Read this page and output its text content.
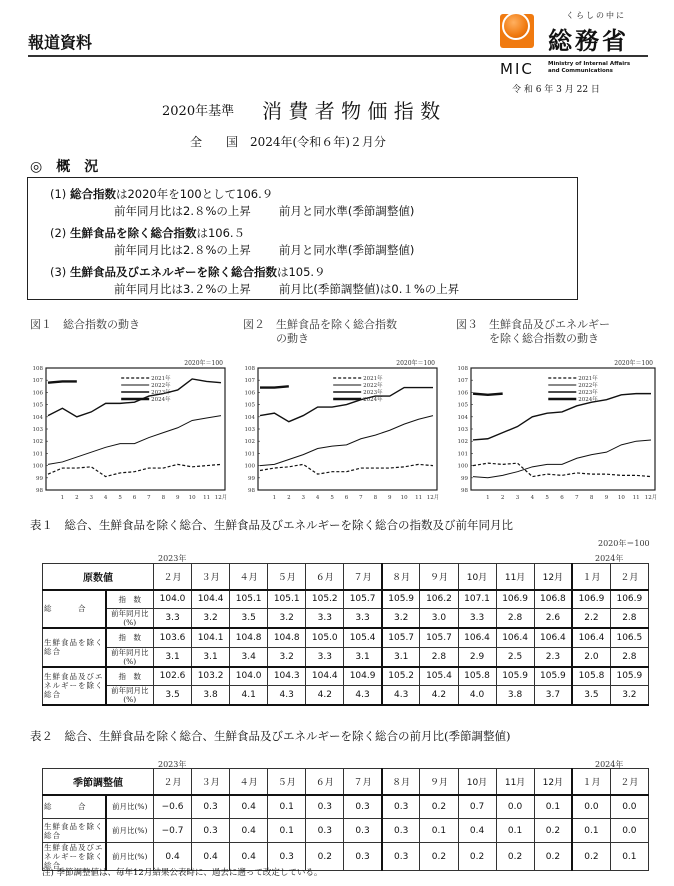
報道資料
くらしの中に
総務省
MIC	Ministry of Internal Affairs
and Communications
令 和 6 年 3 月 22 日
2020年基準 消 費 者 物 価 指 数
全　　国　2024年(令和６年)２月分
◎　概　況
(1) 総合指数は2020年を100として106.９
前年同月比は2.８%の上昇 前月と同水準(季節調整値)
(2) 生鮮食品を除く総合指数は106.５
前年同月比は2.８%の上昇 前月と同水準(季節調整値)
(3) 生鮮食品及びエネルギーを除く総合指数は105.９
前年同月比は3.２%の上昇 前月比(季節調整値)は0.１%の上昇
図１　総合指数の動き	図２　生鮮食品を除く総合指数
　　　の動き
図３　生鮮食品及びエネルギー
　　　を除く総合指数の動き
2020年＝100
98
99
100
101
102
103
104
105
106
107
108
1 2 3 4 5 6 7 8 9 10 11 12月
2021年
2022年
2023年
2024年
2020年＝100
98
99
100
101
102
103
104
105
106
107
108
1 2 3 4 5 6 7 8 9 10 11 12月
2021年
2022年
2023年
2024年
2020年＝100
98
99
100
101
102
103
104
105
106
107
108
1 2 3 4 5 6 7 8 9 10 11 12月
2021年
2022年
2023年
2024年
表１　総合、生鮮食品を除く総合、生鮮食品及びエネルギーを除く総合の指数及び前年同月比
2020年＝100
2023年	2024年
原数値		２月	３月	４月	５月	６月	７月	８月	９月	10月	11月	12月	１月	２月
総　　　合	指　数	104.0	104.4	105.1	105.1	105.2	105.7	105.9	106.2	107.1	106.9	106.8	106.9	106.9
	前年同月比(%)	3.3	3.2	3.5	3.2	3.3	3.3	3.2	3.0	3.3	2.8	2.6	2.2	2.8
生鮮食品を除く総合	指　数	103.6	104.1	104.8	104.8	105.0	105.4	105.7	105.7	106.4	106.4	106.4	106.4	106.5
	前年同月比(%)	3.1	3.1	3.4	3.2	3.3	3.1	3.1	2.8	2.9	2.5	2.3	2.0	2.8
生鮮食品及びエネルギーを除く総合	指　数	102.6	103.2	104.0	104.3	104.4	104.9	105.2	105.4	105.8	105.9	105.9	105.8	105.9
	前年同月比(%)	3.5	3.8	4.1	4.3	4.2	4.3	4.3	4.2	4.0	3.8	3.7	3.5	3.2
表２　総合、生鮮食品を除く総合、生鮮食品及びエネルギーを除く総合の前月比(季節調整値)
2023年	2024年
季節調整値		２月	３月	４月	５月	６月	７月	８月	９月	10月	11月	12月	１月	２月
総　　　合	前月比(%)	−0.6	0.3	0.4	0.1	0.3	0.3	0.3	0.2	0.7	0.0	0.1	0.0	0.0
生鮮食品を除く総合	前月比(%)	−0.7	0.3	0.4	0.1	0.3	0.3	0.3	0.1	0.4	0.1	0.2	0.1	0.0
生鮮食品及びエネルギーを除く総合	前月比(%)	0.4	0.4	0.4	0.3	0.2	0.3	0.3	0.2	0.2	0.2	0.2	0.2	0.1
注) 季節調整値は、毎年12月結果公表時に、過去に遡って改定している。
